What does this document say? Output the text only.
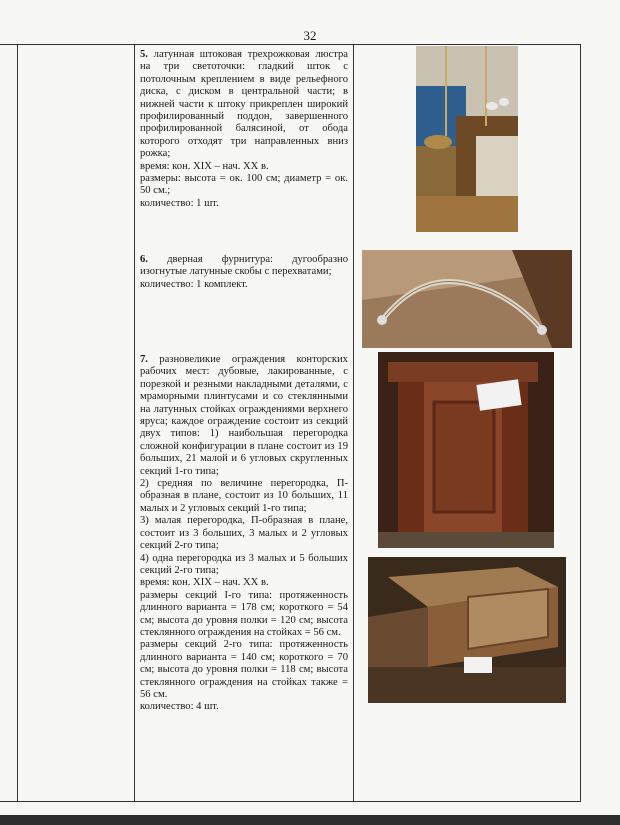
32
5. латунная штоковая трехрожковая люстра на три светоточки: гладкий шток с потолочным креплением в виде рельефного диска, с диском в центральной части; в нижней части к штоку прикреплен широкий профилированный поддон, завершенного профилированной балясиной, от обода которого отходят три направленных вниз рожка;
время: кон. XIX – нач. XX в.
размеры: высота = ок. 100 см; диаметр = ок. 50 см.;
количество: 1 шт.
6. дверная фурнитура: дугообразно изогнутые латунные скобы с перехватами;
количество: 1 комплект.
7. разновеликие ограждения конторских рабочих мест: дубовые, лакированные, с порезкой и резными накладными деталями, с мраморными плинтусами и со стеклянными на латунных стойках ограждениями верхнего яруса; каждое ограждение состоит из секций двух типов: 1) наибольшая перегородка сложной конфигурации в плане состоит из 19 больших, 21 малой и 6 угловых скругленных секций 1-го типа;
2) средняя по величине перегородка, П-образная в плане, состоит из 10 больших, 11 малых и 2 угловых секций 1-го типа;
3) малая перегородка, П-образная в плане, состоит из 3 больших, 3 малых и 2 угловых секций 2-го типа;
4) одна перегородка из 3 малых и 5 больших секций 2-го типа;
время: кон. XIX – нач. XX в.
размеры секций I-го типа: протяженность длинного варианта = 178 см; короткого = 54 см; высота до уровня полки = 120 см; высота стеклянного ограждения на стойках = 56 см.
размеры секций 2-го типа: протяженность длинного варианта = 140 см; короткого = 70 см; высота до уровня полки = 118 см; высота стеклянного ограждения на стойках также = 56 см.
количество: 4 шт.
